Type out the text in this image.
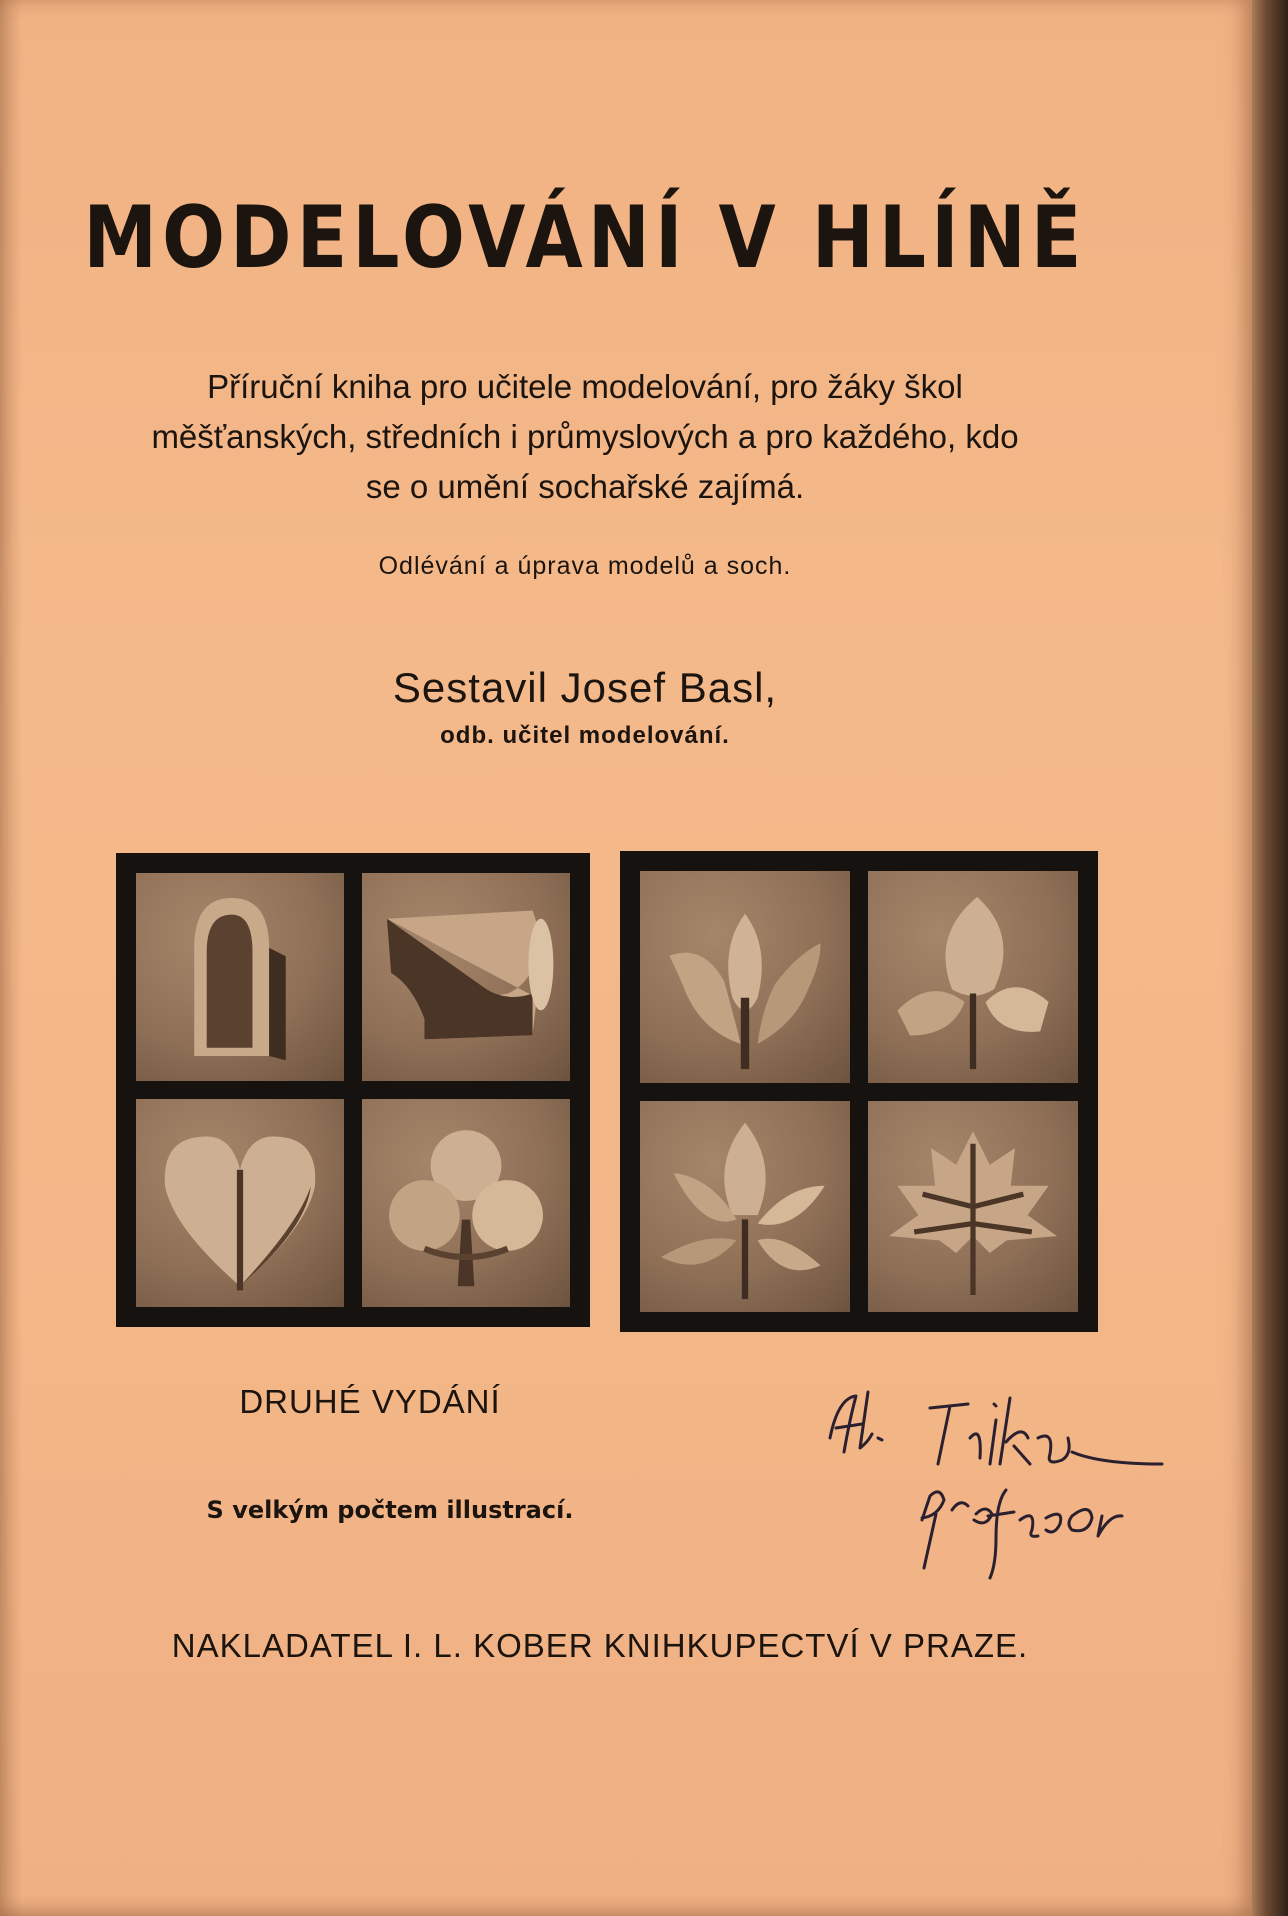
MODELOVÁNÍ V HLÍNĚ
Příruční kniha pro učitele modelování, pro žáky škol
měšťanských, středních i průmyslových a pro každého, kdo
se o umění sochařské zajímá.
Odlévání a úprava modelů a soch.
Sestavil Josef Basl,
odb. učitel modelování.
DRUHÉ VYDÁNÍ
S velkým počtem illustrací.
NAKLADATEL I. L. KOBER KNIHKUPECTVÍ V PRAZE.
